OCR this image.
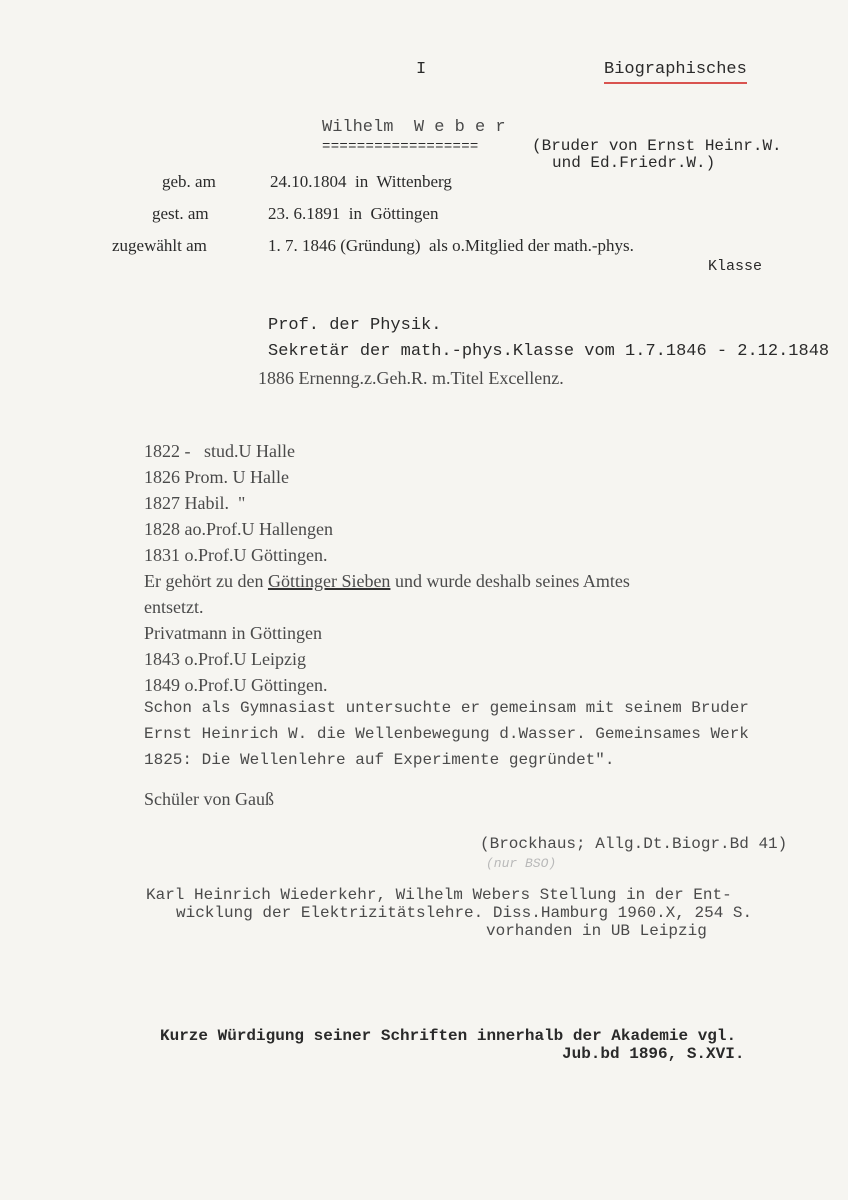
I	Biographisches
Wilhelm  W e b e r
==================	(Bruder von Ernst Heinr.W.
und Ed.Friedr.W.)
geb. am	24.10.1804  in  Wittenberg
gest. am	23. 6.1891  in  Göttingen
zugewählt am	1. 7. 1846 (Gründung)  als o.Mitglied der math.-phys.
Klasse
Prof. der Physik.
Sekretär der math.-phys.Klasse vom 1.7.1846 - 2.12.1848
1886 Ernenng.z.Geh.R. m.Titel Excellenz.
1822 -   stud.U Halle
1826 Prom. U Halle
1827 Habil.  "
1828 ao.Prof.U Hallengen
1831 o.Prof.U Göttingen.
Er gehört zu den Göttinger Sieben und wurde deshalb seines Amtes
entsetzt.
Privatmann in Göttingen
1843 o.Prof.U Leipzig
1849 o.Prof.U Göttingen.
Schon als Gymnasiast untersuchte er gemeinsam mit seinem Bruder
Ernst Heinrich W. die Wellenbewegung d.Wasser. Gemeinsames Werk
1825: Die Wellenlehre auf Experimente gegründet".
Schüler von Gauß
(Brockhaus; Allg.Dt.Biogr.Bd 41)
(nur BSO)
Karl Heinrich Wiederkehr, Wilhelm Webers Stellung in der Ent-
wicklung der Elektrizitätslehre. Diss.Hamburg 1960.X, 254 S.
vorhanden in UB Leipzig
Kurze Würdigung seiner Schriften innerhalb der Akademie vgl.
Jub.bd 1896, S.XVI.
